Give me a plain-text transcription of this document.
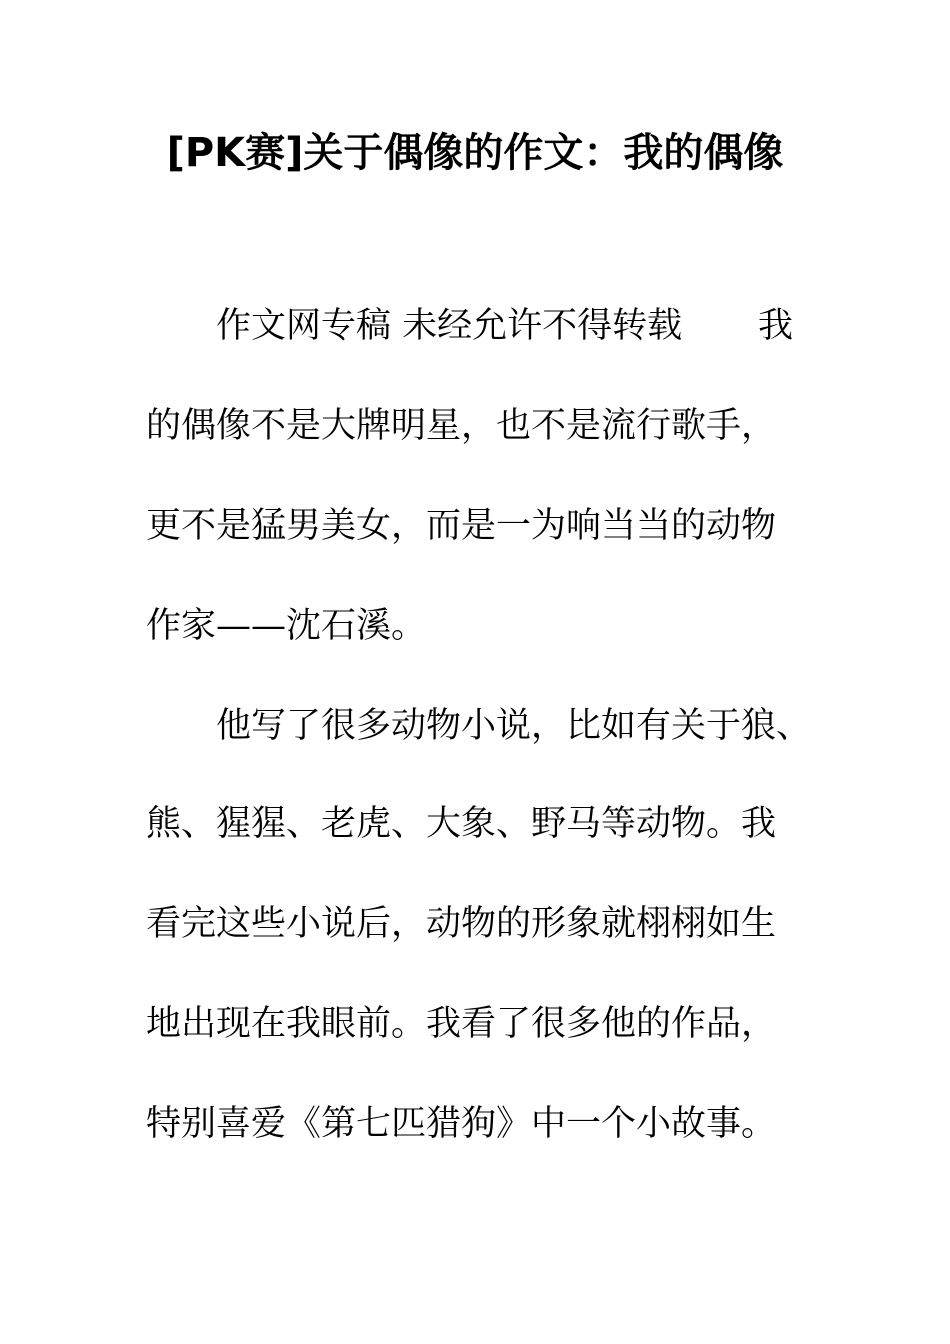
[PK赛]关于偶像的作文：我的偶像
作文网专稿 未经允许不得转载 我
的偶像不是大牌明星，也不是流行歌手，
更不是猛男美女，而是一为响当当的动物
作家——沈石溪。
他写了很多动物小说，比如有关于狼、
熊、猩猩、老虎、大象、野马等动物。我
看完这些小说后，动物的形象就栩栩如生
地出现在我眼前。我看了很多他的作品，
特别喜爱《第七匹猎狗》中一个小故事。
